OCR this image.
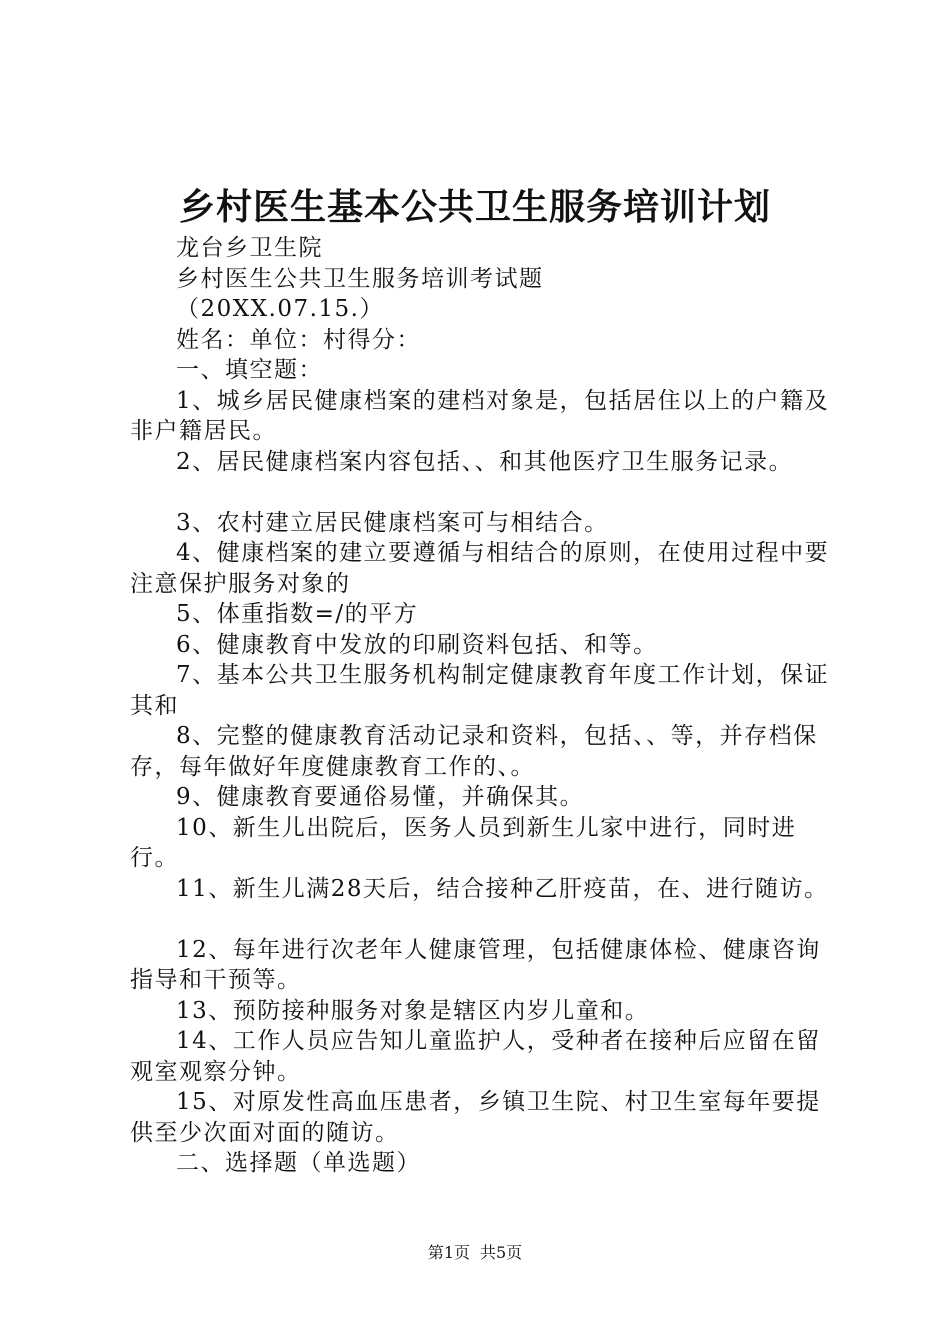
乡村医生基本公共卫生服务培训计划

龙台乡卫生院

乡村医生公共卫生服务培训考试题

（20XX.07.15.）

姓名：单位：村得分：

一、填空题：

1、城乡居民健康档案的建档对象是，包括居住以上的户籍及非户籍居民。

2、居民健康档案内容包括、、和其他医疗卫生服务记录。

3、农村建立居民健康档案可与相结合。

4、健康档案的建立要遵循与相结合的原则，在使用过程中要注意保护服务对象的

5、体重指数=/的平方

6、健康教育中发放的印刷资料包括、和等。

7、基本公共卫生服务机构制定健康教育年度工作计划，保证其和

8、完整的健康教育活动记录和资料，包括、、等，并存档保存，每年做好年度健康教育工作的、。

9、健康教育要通俗易懂，并确保其。

10、新生儿出院后，医务人员到新生儿家中进行，同时进行。

11、新生儿满28天后，结合接种乙肝疫苗，在、进行随访。

12、每年进行次老年人健康管理，包括健康体检、健康咨询指导和干预等。

13、预防接种服务对象是辖区内岁儿童和。

14、工作人员应告知儿童监护人，受种者在接种后应留在留观室观察分钟。

15、对原发性高血压患者，乡镇卫生院、村卫生室每年要提供至少次面对面的随访。

二、选择题（单选题）

第1页 共5页
